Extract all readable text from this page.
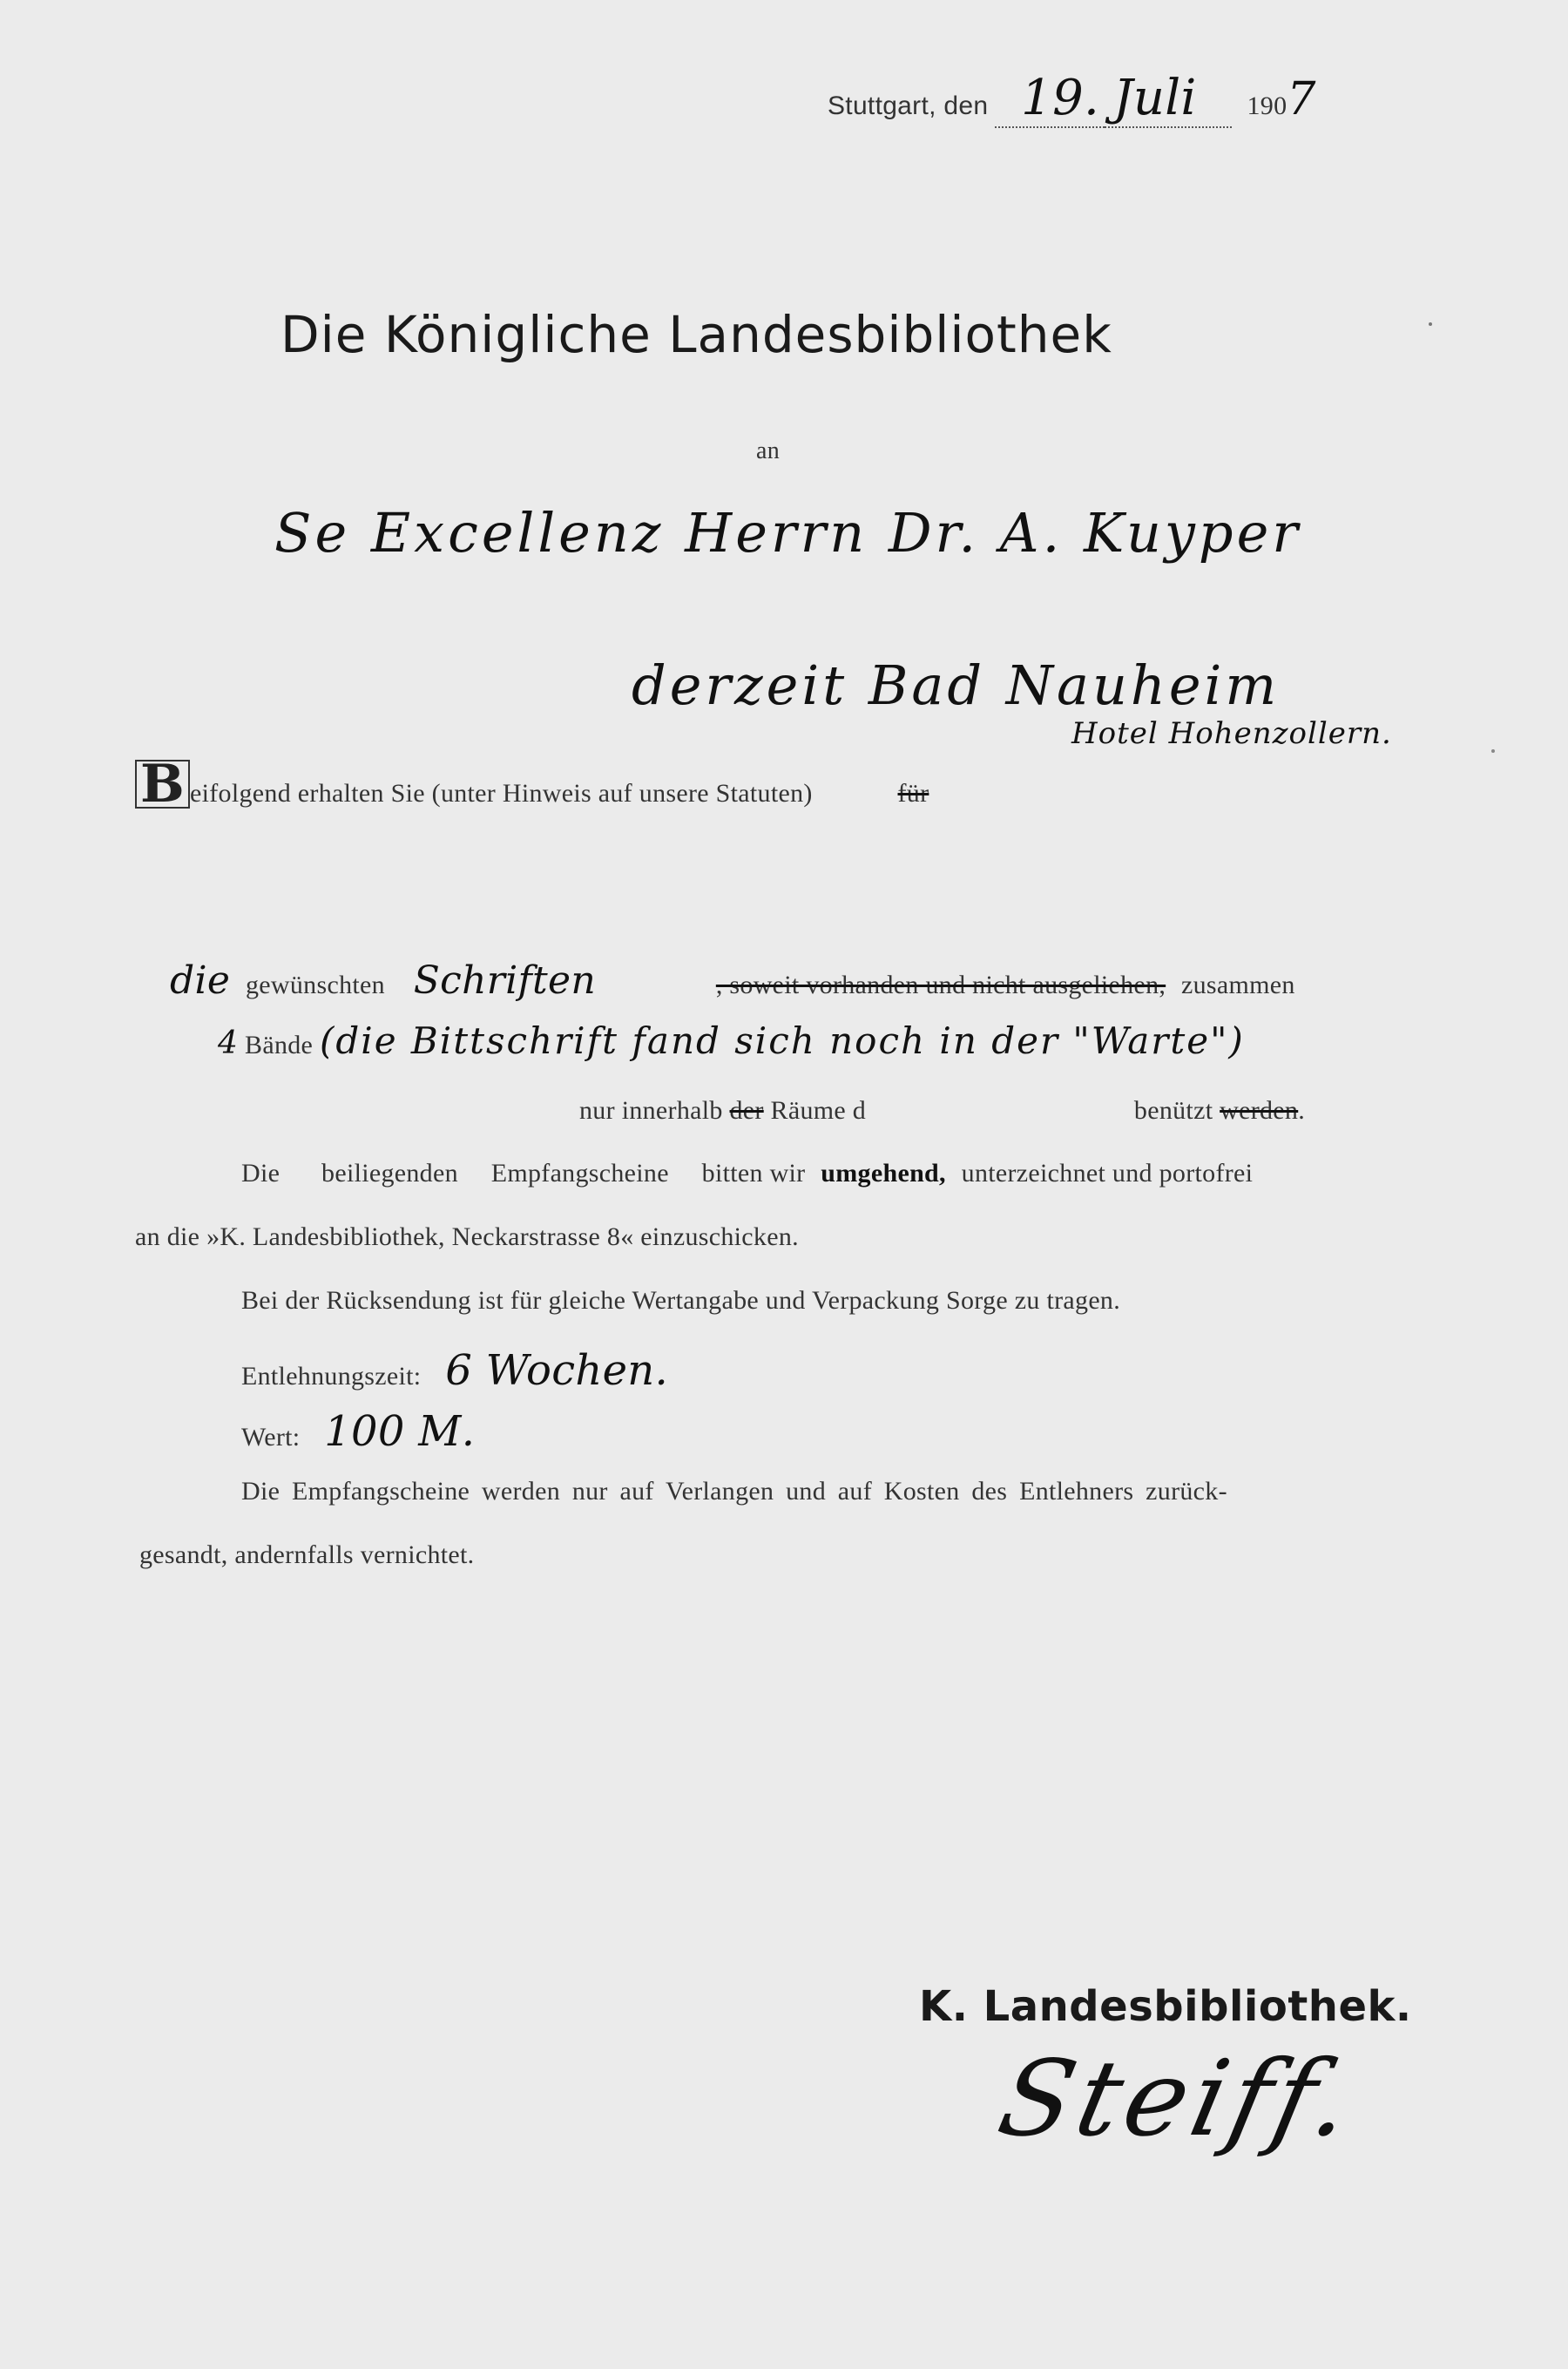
Stuttgart, den 19. Juli 1907
Die Königliche Landesbibliothek
an
Se Excellenz Herrn Dr. A. Kuyper
derzeit Bad Nauheim
Hotel Hohenzollern.
B eifolgend erhalten Sie (unter Hinweis auf unsere Statuten)	für
die gewünschten Schriften	, soweit vorhanden und nicht ausgeliehen, zusammen
4 Bände (die Bittschrift fand sich noch in der "Warte")
nur innerhalb der Räume d	benützt werden.
Die beiliegenden Empfangscheine bitten wir umgehend, unterzeichnet und portofrei
an die »K. Landesbibliothek, Neckarstrasse 8« einzuschicken.
Bei der Rücksendung ist für gleiche Wertangabe und Verpackung Sorge zu tragen.
Entlehnungszeit: 6 Wochen.
Wert: 100 M.
Die Empfangscheine werden nur auf Verlangen und auf Kosten des Entlehners zurück-
gesandt, andernfalls vernichtet.
K. Landesbibliothek.
Steiff.
